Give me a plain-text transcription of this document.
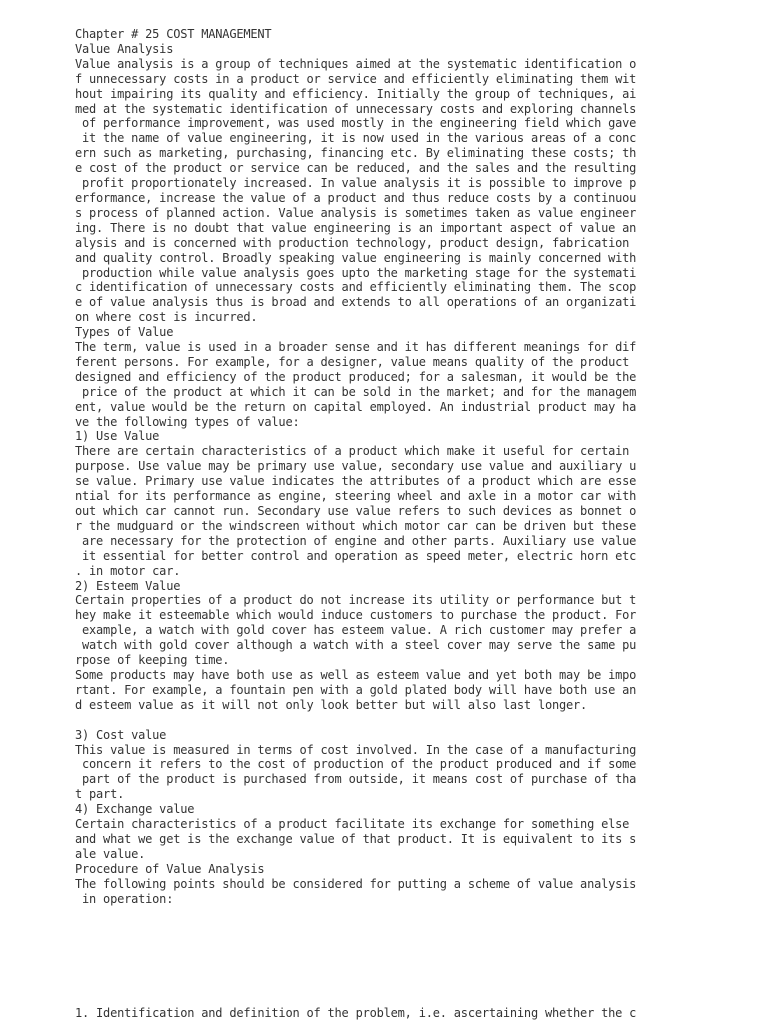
Chapter # 25 COST MANAGEMENT
Value Analysis
Value analysis is a group of techniques aimed at the systematic identification o
f unnecessary costs in a product or service and efficiently eliminating them wit
hout impairing its quality and efficiency. Initially the group of techniques, ai
med at the systematic identification of unnecessary costs and exploring channels
of performance improvement, was used mostly in the engineering field which gave
it the name of value engineering, it is now used in the various areas of a conc
ern such as marketing, purchasing, financing etc. By eliminating these costs; th
e cost of the product or service can be reduced, and the sales and the resulting
profit proportionately increased. In value analysis it is possible to improve p
erformance, increase the value of a product and thus reduce costs by a continuou
s process of planned action. Value analysis is sometimes taken as value engineer
ing. There is no doubt that value engineering is an important aspect of value an
alysis and is concerned with production technology, product design, fabrication
and quality control. Broadly speaking value engineering is mainly concerned with
production while value analysis goes upto the marketing stage for the systemati
c identification of unnecessary costs and efficiently eliminating them. The scop
e of value analysis thus is broad and extends to all operations of an organizati
on where cost is incurred.
Types of Value
The term, value is used in a broader sense and it has different meanings for dif
ferent persons. For example, for a designer, value means quality of the product
designed and efficiency of the product produced; for a salesman, it would be the
price of the product at which it can be sold in the market; and for the managem
ent, value would be the return on capital employed. An industrial product may ha
ve the following types of value:
1) Use Value
There are certain characteristics of a product which make it useful for certain
purpose. Use value may be primary use value, secondary use value and auxiliary u
se value. Primary use value indicates the attributes of a product which are esse
ntial for its performance as engine, steering wheel and axle in a motor car with
out which car cannot run. Secondary use value refers to such devices as bonnet o
r the mudguard or the windscreen without which motor car can be driven but these
are necessary for the protection of engine and other parts. Auxiliary use value
it essential for better control and operation as speed meter, electric horn etc
. in motor car.
2) Esteem Value
Certain properties of a product do not increase its utility or performance but t
hey make it esteemable which would induce customers to purchase the product. For
example, a watch with gold cover has esteem value. A rich customer may prefer a
watch with gold cover although a watch with a steel cover may serve the same pu
rpose of keeping time.
Some products may have both use as well as esteem value and yet both may be impo
rtant. For example, a fountain pen with a gold plated body will have both use an
d esteem value as it will not only look better but will also last longer.

3) Cost value
This value is measured in terms of cost involved. In the case of a manufacturing
concern it refers to the cost of production of the product produced and if some
part of the product is purchased from outside, it means cost of purchase of tha
t part.
4) Exchange value
Certain characteristics of a product facilitate its exchange for something else
and what we get is the exchange value of that product. It is equivalent to its s
ale value.
Procedure of Value Analysis
The following points should be considered for putting a scheme of value analysis
in operation:

1. Identification and definition of the problem, i.e. ascertaining whether the c
